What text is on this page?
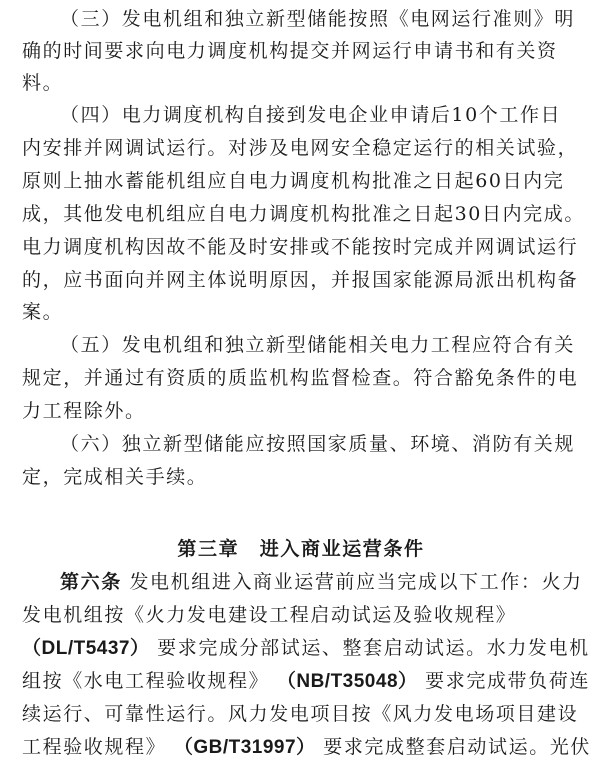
（三）发电机组和独立新型储能按照《电网运行准则》明
确的时间要求向电力调度机构提交并网运行申请书和有关资
料。
（四）电力调度机构自接到发电企业申请后10个工作日
内安排并网调试运行。对涉及电网安全稳定运行的相关试验，
原则上抽水蓄能机组应自电力调度机构批准之日起60日内完
成，其他发电机组应自电力调度机构批准之日起30日内完成。
电力调度机构因故不能及时安排或不能按时完成并网调试运行
的，应书面向并网主体说明原因，并报国家能源局派出机构备
案。
（五）发电机组和独立新型储能相关电力工程应符合有关
规定，并通过有资质的质监机构监督检查。符合豁免条件的电
力工程除外。
（六）独立新型储能应按照国家质量、环境、消防有关规
定，完成相关手续。
第三章　进入商业运营条件
第六条 发电机组进入商业运营前应当完成以下工作：火力
发电机组按《火力发电建设工程启动试运及验收规程》
（DL/T5437） 要求完成分部试运、整套启动试运。水力发电机
组按《水电工程验收规程》 （NB/T35048） 要求完成带负荷连
续运行、可靠性运行。风力发电项目按《风力发电场项目建设
工程验收规程》 （GB/T31997） 要求完成整套启动试运。光伏
